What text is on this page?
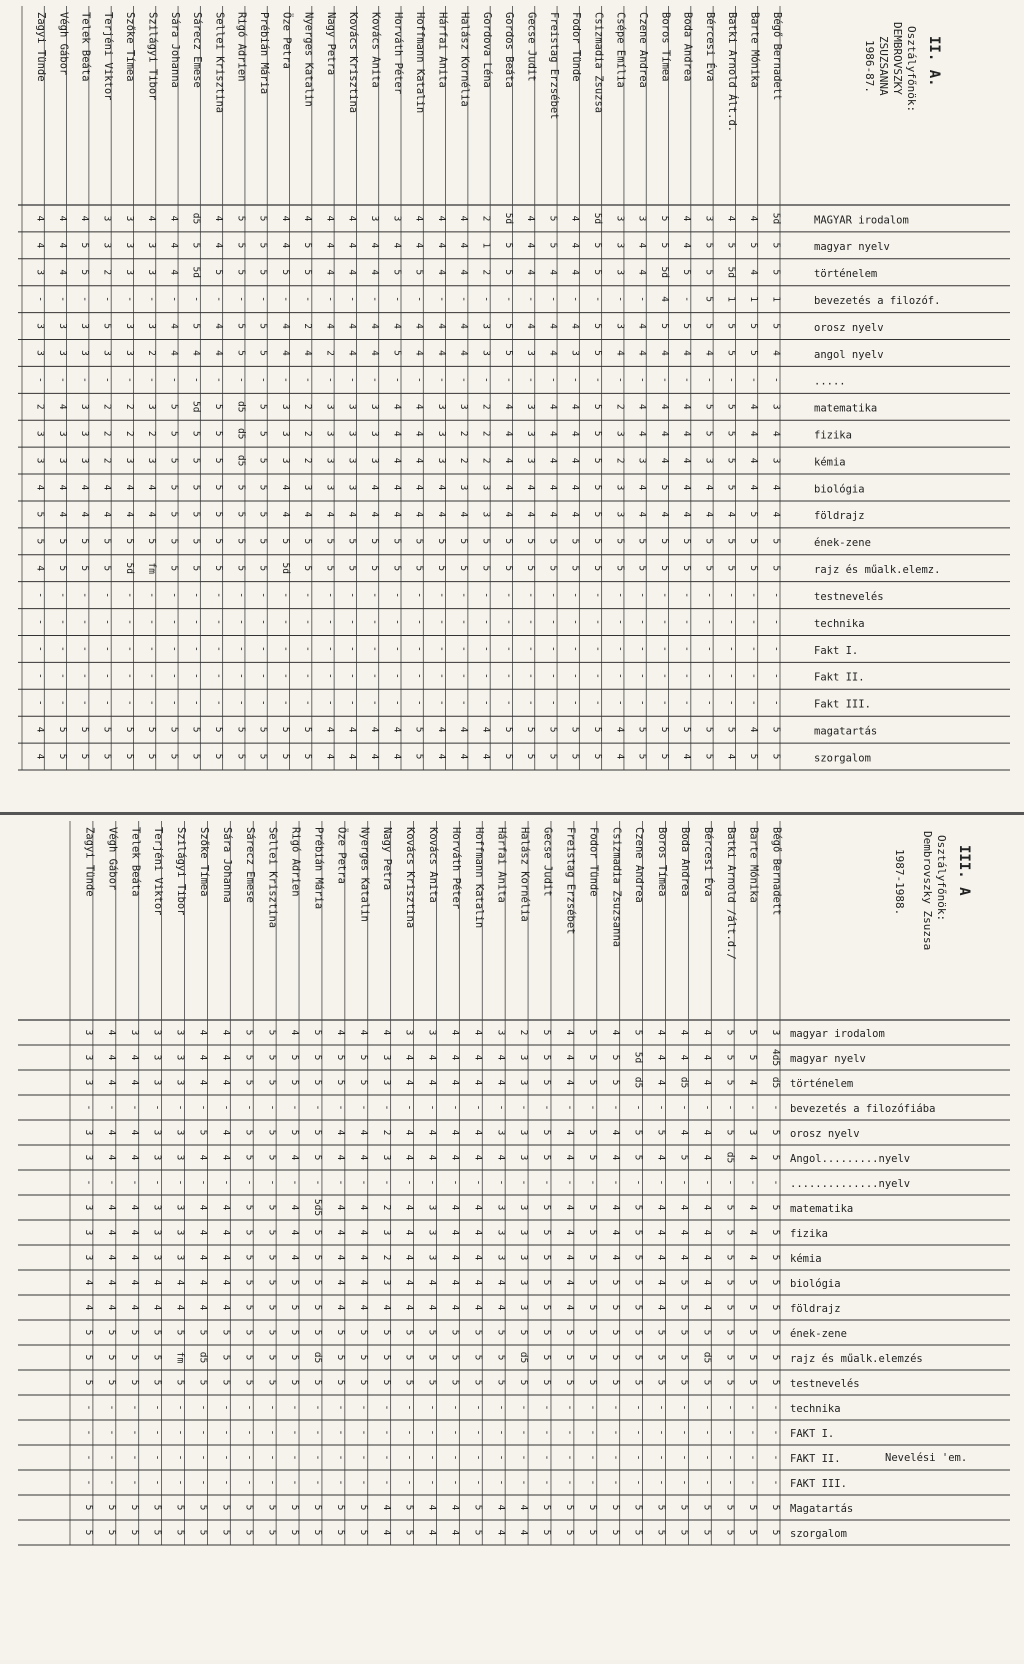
II. A.
Osztályfőnök:
DEMBROVSZKY
ZSUZSANNA
1986-87.
Bégő Bernadett
Barte Mónika
Batki Arnold Ált.d.
Bércesi Éva
Boda Andrea
Boros Tímea
Czene Andrea
Csépe Emília
Csizmadia Zsuzsa
Fodor Tünde
Freistag Erzsébet
Gecse Judit
Gordos Beáta
Gordova Léna
Halász Kornélia
Hárfai Anita
Hoffmann Katalin
Horváth Péter
Kovács Anita
Kovács Krisztina
Nagy Petra
Nyerges Katalin
Öze Petra
Prébián Mária
Rigó Adrien
Sellei Krisztina
Sárecz Emese
Sára Johanna
Szilágyi Tibor
Szőke Tímea
Terjéni Viktor
Telek Beáta
Végh Gábor
Zagyi Tünde
MAGYAR irodalom
5d
4
4
3
4
5
3
3
5d
4
5
4
5d
2
4
4
4
3
3
4
4
4
4
5
5
4
d5
4
4
3
3
4
4
4
magyar nyelv
5
5
5
5
4
5
4
3
5
4
5
4
5
1
4
4
4
4
4
4
4
5
4
5
5
4
5
4
3
3
3
5
4
4
történelem
5
4
5d
5
5
5d
4
3
5
4
4
4
5
2
4
4
5
5
4
4
4
5
5
5
5
5
5d
4
3
3
2
5
4
3
bevezetés a filozóf.
1
1
1
5
-
4
-
-
-
-
-
-
-
-
-
-
-
-
-
-
-
-
-
-
-
-
-
-
-
-
-
-
-
-
orosz nyelv
5
5
5
5
5
5
4
3
5
4
4
4
5
3
4
4
4
4
4
4
4
2
4
5
5
4
5
4
3
3
5
3
3
3
angol nyelv
4
5
5
4
4
4
4
4
5
3
4
3
5
3
4
4
4
5
4
4
2
4
4
5
5
4
4
4
2
3
3
3
3
3
.....
-
-
-
-
-
-
-
-
-
-
-
-
-
-
-
-
-
-
-
-
-
-
-
-
-
-
-
-
-
-
-
-
-
-
matematika
3
4
5
5
4
4
4
2
5
4
4
3
4
2
3
3
4
4
3
3
3
2
3
5
d5
5
5d
5
3
2
2
3
4
2
fizika
4
4
5
5
4
4
4
3
5
4
4
3
4
2
2
3
4
4
3
3
3
2
3
5
d5
5
5
5
2
2
2
3
3
3
kémia
3
4
5
3
4
4
3
2
5
4
4
3
4
2
2
3
4
4
3
3
3
2
3
5
d5
5
5
5
3
3
2
3
3
3
biológia
4
4
5
4
4
5
4
3
5
4
4
4
4
3
3
4
4
4
4
3
3
3
4
5
5
5
5
5
4
4
4
4
4
4
földrajz
4
5
4
4
4
4
4
3
5
4
4
4
4
3
4
4
4
4
4
4
4
4
4
5
5
5
5
5
4
4
4
4
4
5
ének-zene
5
5
5
5
5
5
5
5
5
5
5
5
5
5
5
5
5
5
5
5
5
5
5
5
5
5
5
5
5
5
5
5
5
5
rajz és műalk.elemz.
5
5
5
5
5
5
5
5
5
5
5
5
5
5
5
5
5
5
5
5
5
5
5d
5
5
5
5
5
fm
5d
5
5
5
4
testnevelés
-
-
-
-
-
-
-
-
-
-
-
-
-
-
-
-
-
-
-
-
-
-
-
-
-
-
-
-
-
-
-
-
-
-
technika
-
-
-
-
-
-
-
-
-
-
-
-
-
-
-
-
-
-
-
-
-
-
-
-
-
-
-
-
-
-
-
-
-
-
Fakt I.
-
-
-
-
-
-
-
-
-
-
-
-
-
-
-
-
-
-
-
-
-
-
-
-
-
-
-
-
-
-
-
-
-
-
Fakt II.
-
-
-
-
-
-
-
-
-
-
-
-
-
-
-
-
-
-
-
-
-
-
-
-
-
-
-
-
-
-
-
-
-
-
Fakt III.
-
-
-
-
-
-
-
-
-
-
-
-
-
-
-
-
-
-
-
-
-
-
-
-
-
-
-
-
-
-
-
-
-
-
magatartás
5
4
5
5
5
5
5
4
5
5
5
5
5
4
4
4
5
4
4
4
4
5
5
5
5
5
5
5
5
5
5
5
5
4
szorgalom
5
5
4
5
4
5
5
4
5
5
5
5
5
4
4
4
5
4
4
4
4
5
5
5
5
5
5
5
5
5
5
5
5
4
III. A
Osztályfőnök:
Dembrovszky Zsuzsa
1987-1988.
Bégő Bernadett
Barte Mónika
Batki Arnold /ált.d./
Bércesi Éva
Boda Andrea
Boros Tímea
Czene Andrea
Csizmadia Zsuzsanna
Fodor Tünde
Freistag Erzsébet
Gecse Judit
Halász Kornélia
Hárfai Anita
Hoffmann Katalin
Horváth Péter
Kovács Anita
Kovács Krisztina
Nagy Petra
Nyerges Katalin
Öze Petra
Prébián Mária
Rigó Adrien
Sellei Krisztina
Sárecz Emese
Sára Johanna
Szőke Tímea
Szilágyi Tibor
Terjéni Viktor
Telek Beáta
Végh Gábor
Zagyi Tünde
magyar irodalom
3
5
5
4
4
4
5
4
5
4
5
2
3
4
4
3
3
4
4
4
5
4
5
5
4
4
3
3
3
4
3
magyar nyelv
4d5
5
5
4
4
4
5d
5
5
4
5
3
4
4
4
4
4
3
5
5
5
5
5
5
4
4
3
3
4
4
3
történelem
d5
4
5
4
d5
4
d5
5
5
4
5
3
4
4
4
4
4
3
5
5
5
5
5
5
4
4
3
3
4
4
3
bevezetés a filozófiába
-
-
-
-
-
-
-
-
-
-
-
-
-
-
-
-
-
-
-
-
-
-
-
-
-
-
-
-
-
-
-
orosz nyelv
5
3
5
4
4
5
5
4
5
4
5
3
3
4
4
4
4
2
4
4
5
5
5
5
4
5
3
3
4
4
3
Angol.........nyelv
5
4
d5
4
5
4
5
4
5
4
5
3
4
4
4
4
4
3
4
4
5
4
5
5
4
4
3
3
4
4
3
..............nyelv
-
-
-
-
-
-
-
-
-
-
-
-
-
-
-
-
-
-
-
-
-
-
-
-
-
-
-
-
-
-
-
matematika
5
4
5
4
4
4
5
4
5
4
5
3
3
4
4
3
4
2
4
4
5d5
4
5
5
4
4
3
3
4
4
3
fizika
5
4
5
4
4
4
5
4
5
4
5
3
3
4
4
3
4
3
4
4
5
4
5
5
4
4
3
3
4
4
3
kémia
5
4
5
4
4
4
5
4
5
4
5
3
3
4
4
3
4
2
4
4
5
4
5
5
4
4
3
3
4
4
3
biológia
5
5
5
4
5
4
5
5
5
4
5
3
4
4
4
4
4
3
4
4
5
5
5
5
4
4
4
4
4
4
4
földrajz
5
5
5
4
5
4
5
5
5
4
5
3
4
4
4
4
4
4
4
4
5
5
5
5
4
4
4
4
4
4
4
ének-zene
5
5
5
5
5
5
5
5
5
5
5
5
5
5
5
5
5
5
5
5
5
5
5
5
5
5
5
5
5
5
5
rajz és műalk.elemzés
5
5
5
d5
5
5
5
5
5
5
5
d5
5
5
5
5
5
5
5
5
d5
5
5
5
5
d5
fm
5
5
5
5
testnevelés
5
5
5
5
5
5
5
5
5
5
5
5
5
5
5
5
5
5
5
5
5
5
5
5
5
5
5
5
5
5
5
technika
-
-
-
-
-
-
-
-
-
-
-
-
-
-
-
-
-
-
-
-
-
-
-
-
-
-
-
-
-
-
-
FAKT I.
-
-
-
-
-
-
-
-
-
-
-
-
-
-
-
-
-
-
-
-
-
-
-
-
-
-
-
-
-
-
-
FAKT II.
-
-
-
-
-
-
-
-
-
-
-
-
-
-
-
-
-
-
-
-
-
-
-
-
-
-
-
-
-
-
-
FAKT III.
-
-
-
-
-
-
-
-
-
-
-
-
-
-
-
-
-
-
-
-
-
-
-
-
-
-
-
-
-
-
-
Magatartás
5
5
5
5
5
5
5
5
5
5
5
4
4
5
4
4
5
4
5
5
5
5
5
5
5
5
5
5
5
5
5
szorgalom
5
5
5
5
5
5
5
5
5
5
5
4
4
5
4
4
5
4
5
5
5
5
5
5
5
5
5
5
5
5
5
Nevelési 'em.
